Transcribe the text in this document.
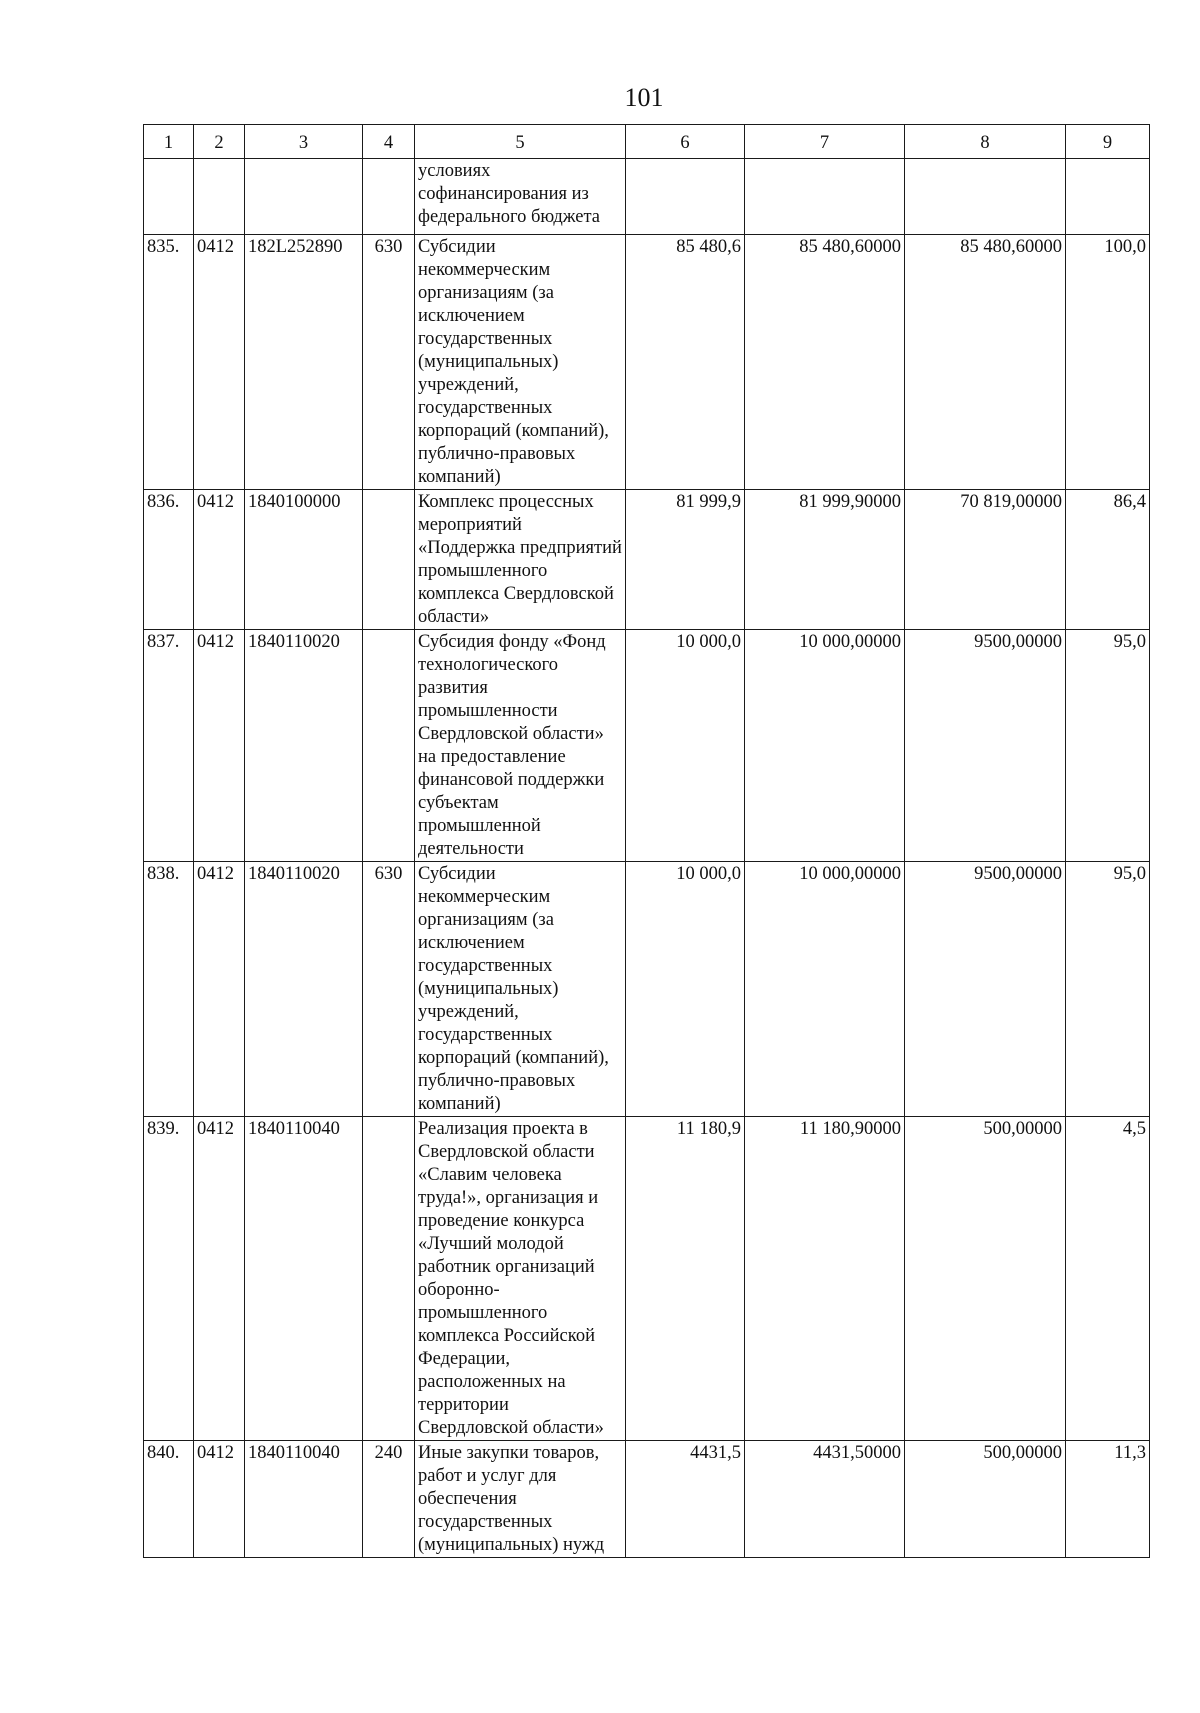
101
1	2	3	4	5	6	7	8	9
				условиях софинансирования из федерального бюджета				
835.	0412	182L252890	630	Субсидии некоммерческим организациям (за исключением государственных (муниципальных) учреждений, государственных корпораций (компаний), публично-правовых компаний)	85 480,6	85 480,60000	85 480,60000	100,0
836.	0412	1840100000		Комплекс процессных мероприятий «Поддержка предприятий промышленного комплекса Свердловской области»	81 999,9	81 999,90000	70 819,00000	86,4
837.	0412	1840110020		Субсидия фонду «Фонд технологического развития промышленности Свердловской области» на предоставление финансовой поддержки субъектам промышленной деятельности	10 000,0	10 000,00000	9500,00000	95,0
838.	0412	1840110020	630	Субсидии некоммерческим организациям (за исключением государственных (муниципальных) учреждений, государственных корпораций (компаний), публично-правовых компаний)	10 000,0	10 000,00000	9500,00000	95,0
839.	0412	1840110040		Реализация проекта в Свердловской области «Славим человека труда!», организация и проведение конкурса «Лучший молодой работник организаций оборонно-промышленного комплекса Российской Федерации, расположенных на территории Свердловской области»	11 180,9	11 180,90000	500,00000	4,5
840.	0412	1840110040	240	Иные закупки товаров, работ и услуг для обеспечения государственных (муниципальных) нужд	4431,5	4431,50000	500,00000	11,3
